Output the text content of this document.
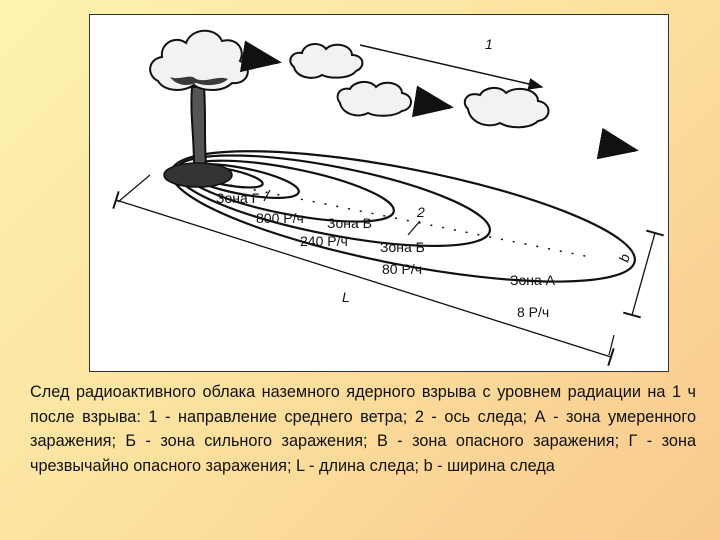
1
L
b
Зона Г
800 Р/ч Зона В
240 Р/ч
2
Зона Б
80 Р/ч
Зона А
8 Р/ч

След радиоактивного облака наземного ядерного взрыва с уровнем радиации на 1 ч после взрыва: 1 - направление среднего ветра; 2 - ось следа; А - зона умеренного заражения; Б - зона сильного заражения; В - зона опасного заражения; Г - зона чрезвычайно опасного заражения; L - длина следа; b - ширина следа
